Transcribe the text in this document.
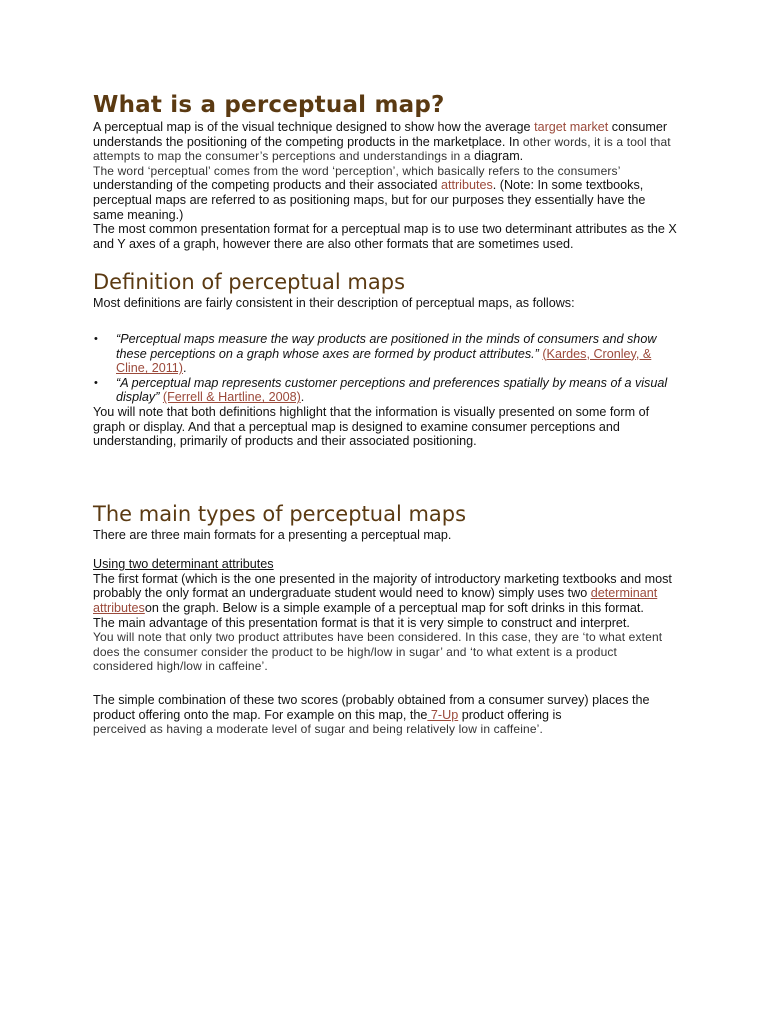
What is a perceptual map?

A perceptual map is of the visual technique designed to show how the average target market consumer understands the positioning of the competing products in the marketplace. In other words, it is a tool that attempts to map the consumer’s perceptions and understandings in a diagram.

The word ‘perceptual’ comes from the word ‘perception’, which basically refers to the consumers’ understanding of the competing products and their associated attributes. (Note: In some textbooks, perceptual maps are referred to as positioning maps, but for our purposes they essentially have the same meaning.)

The most common presentation format for a perceptual map is to use two determinant attributes as the X and Y axes of a graph, however there are also other formats that are sometimes used.

Definition of perceptual maps

Most definitions are fairly consistent in their description of perceptual maps, as follows:

• “Perceptual maps measure the way products are positioned in the minds of consumers and show these perceptions on a graph whose axes are formed by product attributes.” (Kardes, Cronley, & Cline, 2011).
• “A perceptual map represents customer perceptions and preferences spatially by means of a visual display” (Ferrell & Hartline, 2008).

You will note that both definitions highlight that the information is visually presented on some form of graph or display. And that a perceptual map is designed to examine consumer perceptions and understanding, primarily of products and their associated positioning.

The main types of perceptual maps

There are three main formats for a presenting a perceptual map.

Using two determinant attributes

The first format (which is the one presented in the majority of introductory marketing textbooks and most probably the only format an undergraduate student would need to know) simply uses two determinant attributeson the graph. Below is a simple example of a perceptual map for soft drinks in this format.

The main advantage of this presentation format is that it is very simple to construct and interpret.

You will note that only two product attributes have been considered. In this case, they are ‘to what extent does the consumer consider the product to be high/low in sugar’ and ‘to what extent is a product considered high/low in caffeine’.

The simple combination of these two scores (probably obtained from a consumer survey) places the product offering onto the map. For example on this map, the 7-Up product offering is
perceived as having a moderate level of sugar and being relatively low in caffeine’.
